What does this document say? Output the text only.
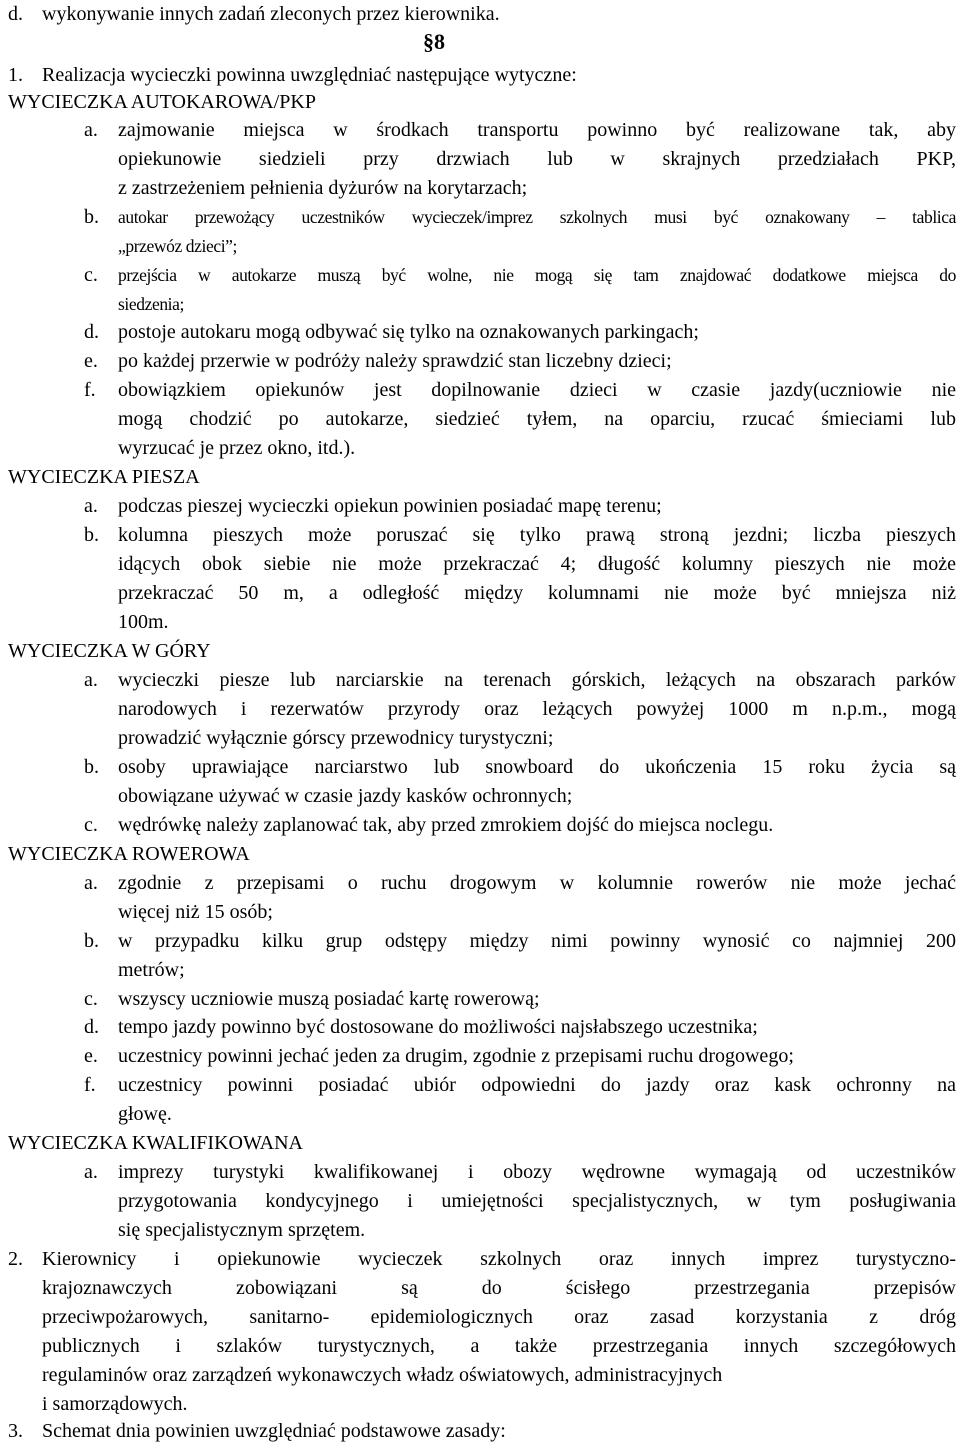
d. wykonywanie innych zadań zleconych przez kierownika.
§8
1. Realizacja wycieczki powinna uwzględniać następujące wytyczne:
WYCIECZKA AUTOKAROWA/PKP
a. zajmowanie miejsca w środkach transportu powinno być realizowane tak, aby
opiekunowie siedzieli przy drzwiach lub w skrajnych przedziałach PKP,
z zastrzeżeniem pełnienia dyżurów na korytarzach;
b. autokar przewożący uczestników wycieczek/imprez szkolnych musi być oznakowany – tablica
„przewóz dzieci”;
c. przejścia w autokarze muszą być wolne, nie mogą się tam znajdować dodatkowe miejsca do
siedzenia;
d. postoje autokaru mogą odbywać się tylko na oznakowanych parkingach;
e. po każdej przerwie w podróży należy sprawdzić stan liczebny dzieci;
f. obowiązkiem opiekunów jest dopilnowanie dzieci w czasie jazdy(uczniowie nie
mogą chodzić po autokarze, siedzieć tyłem, na oparciu, rzucać śmieciami lub
wyrzucać je przez okno, itd.).
WYCIECZKA PIESZA
a. podczas pieszej wycieczki opiekun powinien posiadać mapę terenu;
b. kolumna pieszych może poruszać się tylko prawą stroną jezdni; liczba pieszych
idących obok siebie nie może przekraczać 4; długość kolumny pieszych nie może
przekraczać 50 m, a odległość między kolumnami nie może być mniejsza niż
100m.
WYCIECZKA W GÓRY
a. wycieczki piesze lub narciarskie na terenach górskich, leżących na obszarach parków
narodowych i rezerwatów przyrody oraz leżących powyżej 1000 m n.p.m., mogą
prowadzić wyłącznie górscy przewodnicy turystyczni;
b. osoby uprawiające narciarstwo lub snowboard do ukończenia 15 roku życia są
obowiązane używać w czasie jazdy kasków ochronnych;
c. wędrówkę należy zaplanować tak, aby przed zmrokiem dojść do miejsca noclegu.
WYCIECZKA ROWEROWA
a. zgodnie z przepisami o ruchu drogowym w kolumnie rowerów nie może jechać
więcej niż 15 osób;
b. w przypadku kilku grup odstępy między nimi powinny wynosić co najmniej 200
metrów;
c. wszyscy uczniowie muszą posiadać kartę rowerową;
d. tempo jazdy powinno być dostosowane do możliwości najsłabszego uczestnika;
e. uczestnicy powinni jechać jeden za drugim, zgodnie z przepisami ruchu drogowego;
f. uczestnicy powinni posiadać ubiór odpowiedni do jazdy oraz kask ochronny na
głowę.
WYCIECZKA KWALIFIKOWANA
a. imprezy turystyki kwalifikowanej i obozy wędrowne wymagają od uczestników
przygotowania kondycyjnego i umiejętności specjalistycznych, w tym posługiwania
się specjalistycznym sprzętem.
2. Kierownicy i opiekunowie wycieczek szkolnych oraz innych imprez turystyczno-
krajoznawczych zobowiązani są do ścisłego przestrzegania przepisów
przeciwpożarowych, sanitarno- epidemiologicznych oraz zasad korzystania z dróg
publicznych i szlaków turystycznych, a także przestrzegania innych szczegółowych
regulaminów oraz zarządzeń wykonawczych władz oświatowych, administracyjnych
i samorządowych.
3. Schemat dnia powinien uwzględniać podstawowe zasady:
